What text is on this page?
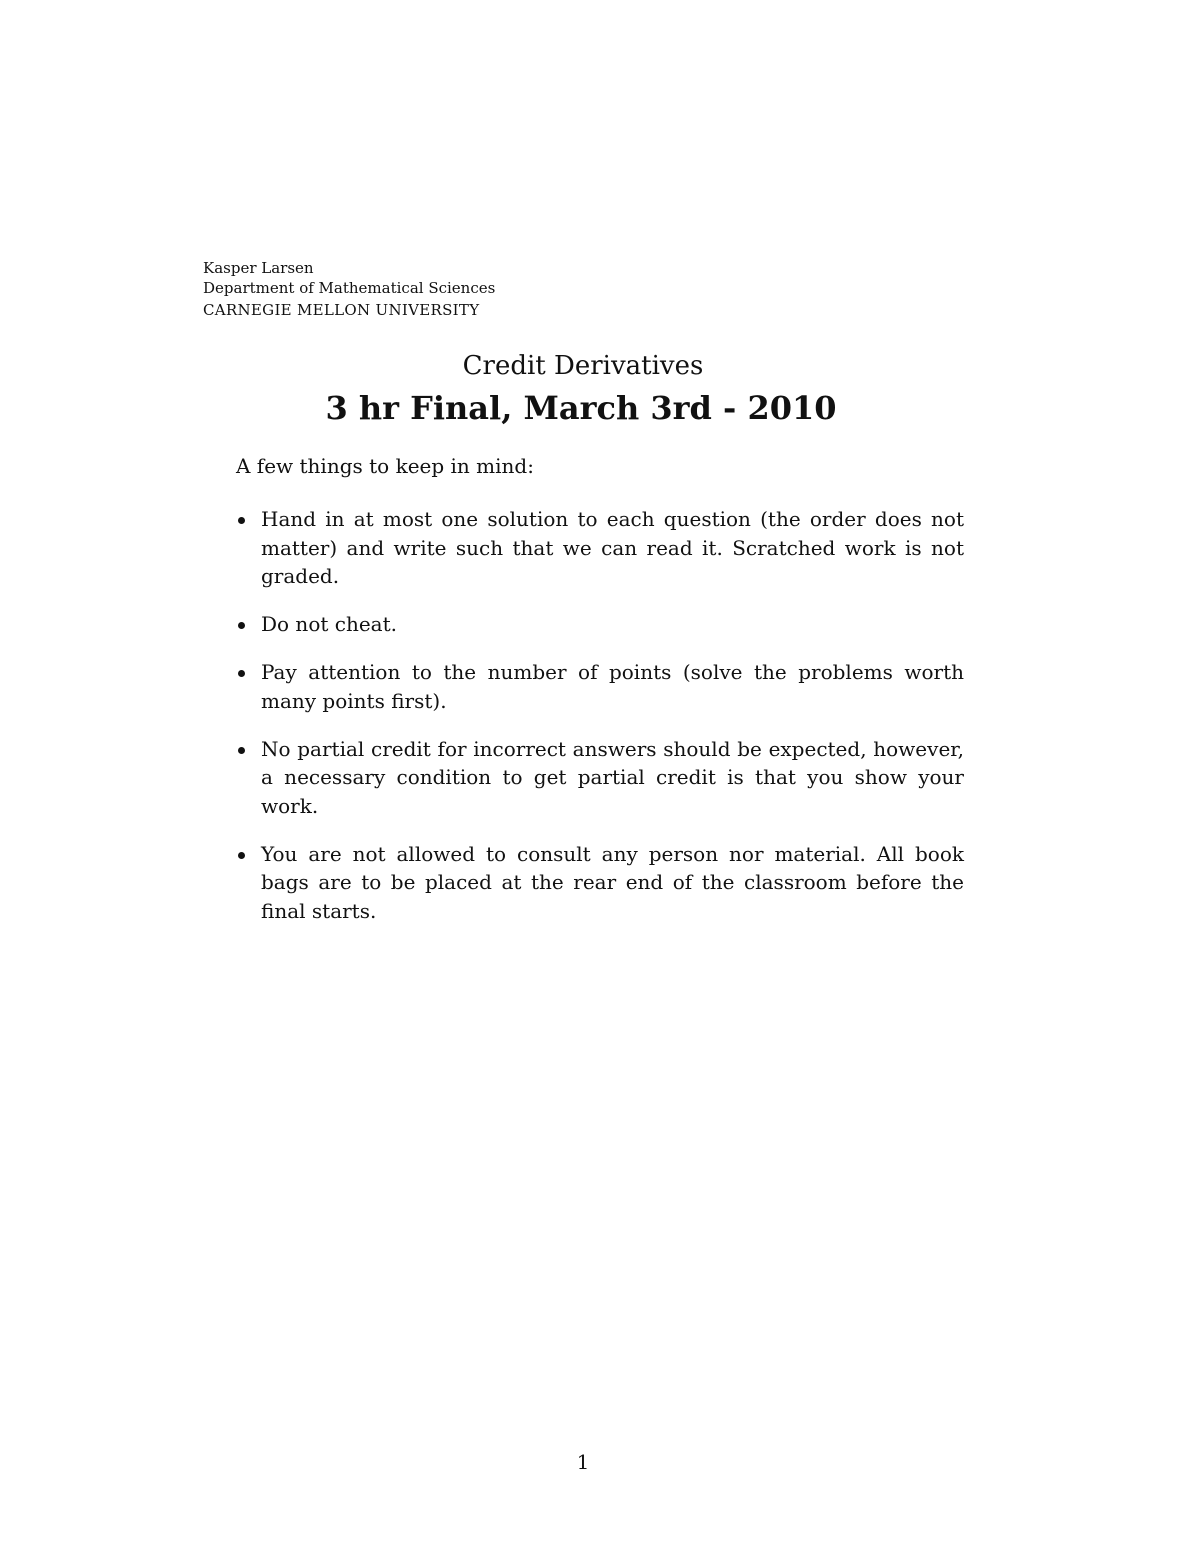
Kasper Larsen
Department of Mathematical Sciences
CARNEGIE MELLON UNIVERSITY
Credit Derivatives
3 hr Final, March 3rd - 2010
A few things to keep in mind:
Hand in at most one solution to each question (the order does not matter) and write such that we can read it. Scratched work is not graded.
Do not cheat.
Pay attention to the number of points (solve the problems worth many points first).
No partial credit for incorrect answers should be expected, however, a necessary condition to get partial credit is that you show your work.
You are not allowed to consult any person nor material. All book bags are to be placed at the rear end of the classroom before the final starts.
1
